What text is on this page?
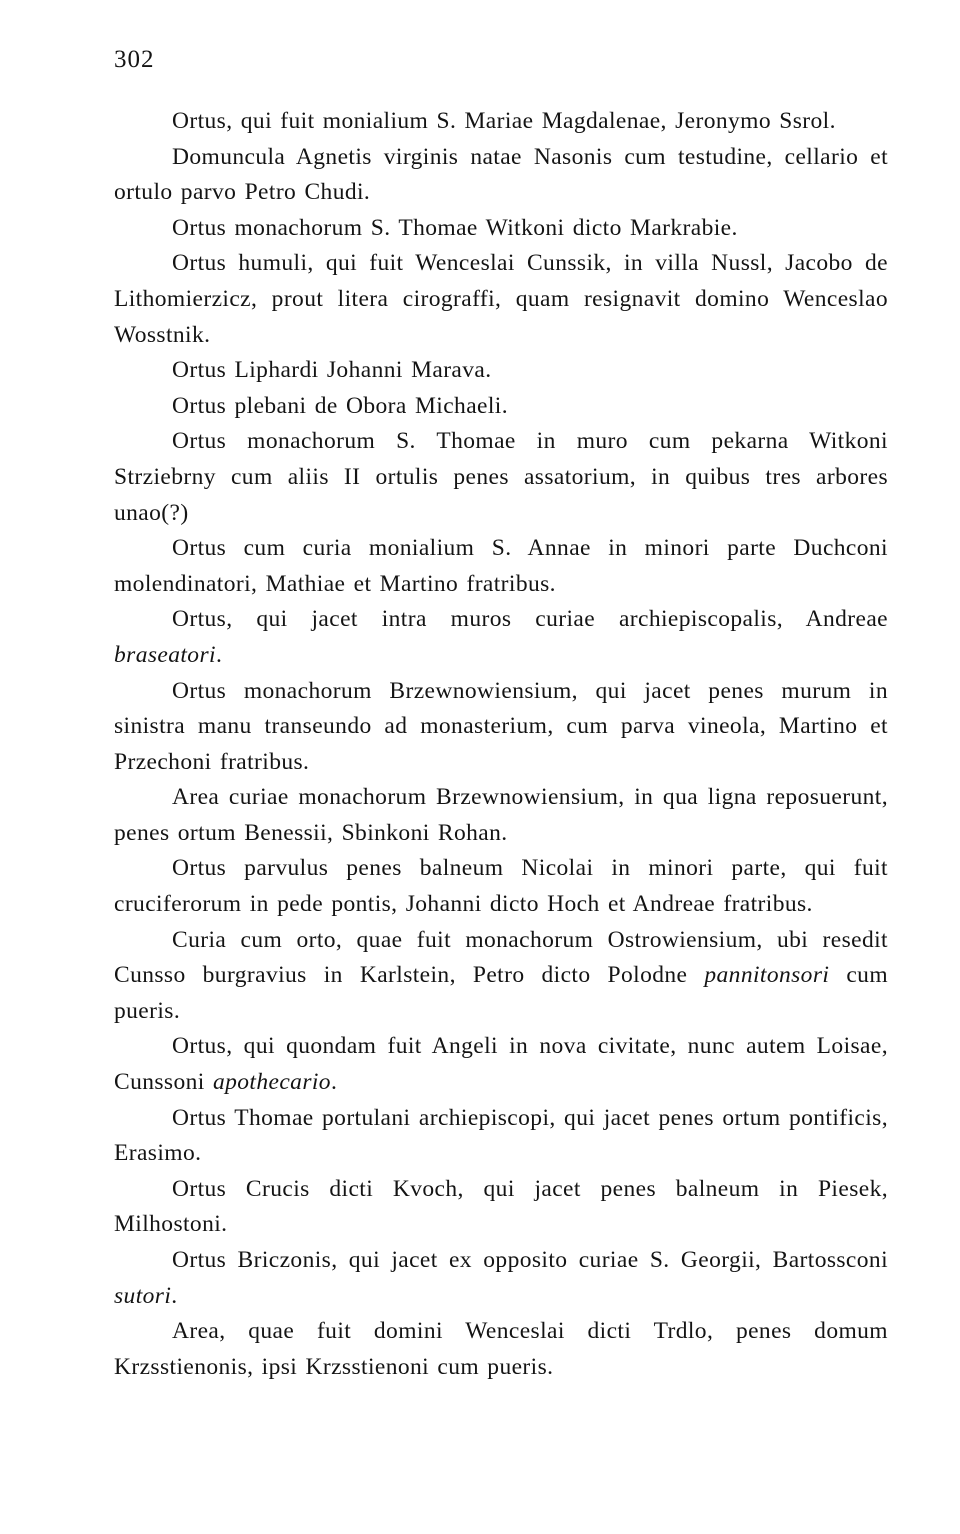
302

Ortus, qui fuit monialium S. Mariae Magdalenae, Jeronymo Ssrol.

Domuncula Agnetis virginis natae Nasonis cum testudine, cellario et ortulo parvo Petro Chudi.

Ortus monachorum S. Thomae Witkoni dicto Markrabie.

Ortus humuli, qui fuit Wenceslai Cunssik, in villa Nussl, Jacobo de Lithomierzicz, prout litera cirograffi, quam resignavit domino Wenceslao Wosstnik.

Ortus Liphardi Johanni Marava.

Ortus plebani de Obora Michaeli.

Ortus monachorum S. Thomae in muro cum pekarna Witkoni Strziebrny cum aliis II ortulis penes assatorium, in quibus tres arbores unao(?)

Ortus cum curia monialium S. Annae in minori parte Duchconi molendinatori, Mathiae et Martino fratribus.

Ortus, qui jacet intra muros curiae archiepiscopalis, Andreae braseatori.

Ortus monachorum Brzewnowiensium, qui jacet penes murum in sinistra manu transeundo ad monasterium, cum parva vineola, Martino et Przechoni fratribus.

Area curiae monachorum Brzewnowiensium, in qua ligna reposuerunt, penes ortum Benessii, Sbinkoni Rohan.

Ortus parvulus penes balneum Nicolai in minori parte, qui fuit cruciferorum in pede pontis, Johanni dicto Hoch et Andreae fratribus.

Curia cum orto, quae fuit monachorum Ostrowiensium, ubi resedit Cunsso burgravius in Karlstein, Petro dicto Polodne pannitonsori cum pueris.

Ortus, qui quondam fuit Angeli in nova civitate, nunc autem Loisae, Cunssoni apothecario.

Ortus Thomae portulani archiepiscopi, qui jacet penes ortum pontificis, Erasimo.

Ortus Crucis dicti Kvoch, qui jacet penes balneum in Piesek, Milhostoni.

Ortus Briczonis, qui jacet ex opposito curiae S. Georgii, Bartossconi sutori.

Area, quae fuit domini Wenceslai dicti Trdlo, penes domum Krzsstienonis, ipsi Krzsstienoni cum pueris.
